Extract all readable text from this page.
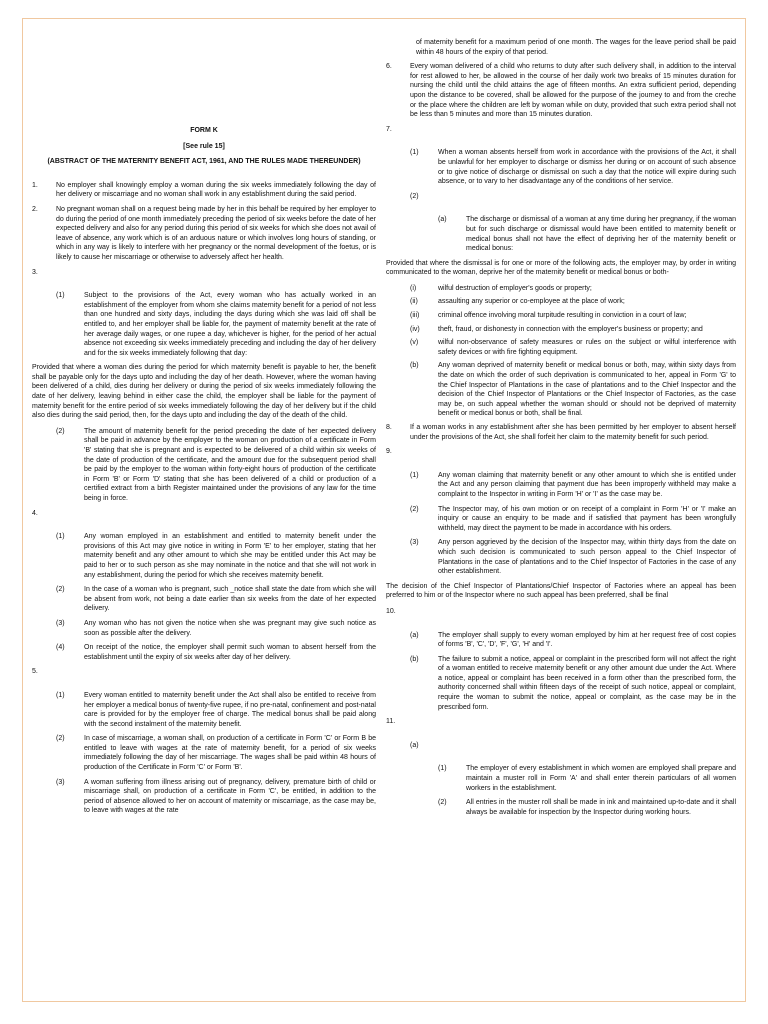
FORM K

[See rule 15]

(ABSTRACT OF THE MATERNITY BENEFIT ACT, 1961, AND THE RULES MADE THEREUNDER)

1.	No employer shall knowingly employ a woman during the six weeks immediately following the day of her delivery or miscarriage and no woman shall work in any establishment during the said period.
2.	No pregnant woman shall on a request being made by her in this behalf be required by her employer to do during the period of one month immediately preceding the period of six weeks before the date of her expected delivery and also for any period during this period of six weeks for which she does not avail of leave of absence, any work which is of an arduous nature or which involves long hours of standing, or which in any way is likely to interfere with her pregnancy or the normal development of the foetus, or is likely to cause her miscarriage or otherwise to adversely affect her health.

3.

(1)	Subject to the provisions of the Act, every woman who has actually worked in an establishment of the employer from whom she claims maternity benefit for a period of not less than one hundred and sixty days, including the days during which she was laid off shall be entitled to, and her employer shall be liable for, the payment of maternity benefit at the rate of her average daily wages, or one rupee a day, whichever is higher, for the period of her actual absence not exceeding six weeks immediately preceding and including the day of her delivery and for the six weeks immediately following that day:

Provided that where a woman dies during the period for which maternity benefit is payable to her, the benefit shall be payable only for the days upto and including the day of her death. However, where the woman having been delivered of a child, dies during her delivery or during the period of six weeks immediately following the date of her delivery, leaving behind in either case the child, the employer shall be liable for the payment of maternity benefit for the entire period of six weeks immediately following the day of her delivery but if the child also dies during the said period, then, for the days upto and including the day of the death of the child.

(2)	The amount of maternity benefit for the period preceding the date of her expected delivery shall be paid in advance by the employer to the woman on production of a certificate in Form 'B' stating that she is pregnant and is expected to be delivered of a child within six weeks of the date of production of the certificate, and the amount due for the subsequent period shall be paid by the employer to the woman within forty-eight hours of production of the certificate in Form 'B' or Form 'D' stating that she has been delivered of a child or production of a certified extract from a birth Register maintained under the provisions of any law for the time being in force.

4.

(1)	Any woman employed in an establishment and entitled to maternity benefit under the provisions of this Act may give notice in writing in Form 'E' to her employer, stating that her maternity benefit and any other amount to which she may be entitled under this Act may be paid to her or to such person as she may nominate in the notice and that she will not work in any establishment, during the period for which she receives maternity benefit.
(2)	In the case of a woman who is pregnant, such _notice shall state the date from which she will be absent from work, not being a date earlier than six weeks from the date of her expected delivery.
(3)	Any woman who has not given the notice when she was pregnant may give such notice as soon as possible after the delivery.
(4)	On receipt of the notice, the employer shall permit such woman to absent herself from the establishment until the expiry of six weeks after day of her delivery.

5.

(1)	Every woman entitled to maternity benefit under the Act shall also be entitled to receive from her employer a medical bonus of twenty-five rupee, if no pre-natal, confinement and post-natal care is provided for by the employer free of charge. The medical bonus shall be paid along with the second instalment of the maternity benefit.
(2)	In case of miscarriage, a woman shall, on production of a certificate in Form 'C' or Form B be entitled to leave with wages at the rate of maternity benefit, for a period of six weeks immediately following the day of her miscarriage. The wages shall be paid within 48 hours of production of the Certificate in Form 'C' or Form 'B'.
(3)	A woman suffering from illness arising out of pregnancy, delivery, premature birth of child or miscarriage shall, on production of a certificate in Form 'C', be entitled, in addition to the period of absence allowed to her on account of maternity or miscarriage, as the case may be, to leave with wages at the rate
of maternity benefit for a maximum period of one month. The wages for the leave period shall be paid within 48 hours of the expiry of that period.
6.	Every woman delivered of a child who returns to duty after such delivery shall, in addition to the interval for rest allowed to her, be allowed in the course of her daily work two breaks of 15 minutes duration for nursing the child until the child attains the age of fifteen months. An extra sufficient period, depending upon the distance to be covered, shall be allowed for the purpose of the journey to and from the creche or the place where the children are left by woman while on duty, provided that such extra period shall not be less than 5 minutes and more than 15 minutes duration.

7.

(1)	When a woman absents herself from work in accordance with the provisions of the Act, it shall be unlawful for her employer to discharge or dismiss her during or on account of such absence or to give notice of discharge or dismissal on such a day that the notice will expire during such absence, or to vary to her disadvantage any of the conditions of her service.

(2)

(a)	The discharge or dismissal of a woman at any time during her pregnancy, if the woman but for such discharge or dismissal would have been entitled to maternity benefit or medical bonus shall not have the effect of depriving her of the maternity benefit or medical bonus:

Provided that where the dismissal is for one or more of the following acts, the employer may, by order in writing communicated to the woman, deprive her of the maternity benefit or medical bonus or both-

(i)	wilful destruction of employer's goods or property;
(ii)	assaulting any superior or co-employee at the place of work;
(iii)	criminal offence involving moral turpitude resulting in conviction in a court of law;
(iv)	theft, fraud, or dishonesty in connection with the employer's business or property; and
(v)	wilful non-observance of safety measures or rules on the subject or wilful interference with safety devices or with fire fighting equipment.
(b)	Any woman deprived of maternity benefit or medical bonus or both, may, within sixty days from the date on which the order of such deprivation is communicated to her, appeal in Form 'G' to the Chief Inspector of Plantations in the case of plantations and to the Chief Inspector and the decision of the Chief Inspector of Plantations or the Chief Inspector of Factories, as the case may be, on such appeal whether the woman should or should not be deprived of maternity benefit or medical bonus or both, shall be final.
8.	If a woman works in any establishment after she has been permitted by her employer to absent herself under the provisions of the Act, she shall forfeit her claim to the maternity benefit for such period.

9.

(1)	Any woman claiming that maternity benefit or any other amount to which she is entitled under the Act and any person claiming that payment due has been improperly withheld may make a complaint to the Inspector in writing in Form 'H' or 'I' as the case may be.
(2)	The Inspector may, of his own motion or on receipt of a complaint in Form 'H' or 'I' make an inquiry or cause an enquiry to be made and if satisfied that payment has been wrongfully withheld, may direct the payment to be made in accordance with his orders.
(3)	Any person aggrieved by the decision of the Inspector may, within thirty days from the date on which such decision is communicated to such person appeal to the Chief Inspector of Plantations in the case of plantations and to the Chief Inspector of Factories in the case of any other establishment.

The decision of the Chief Inspector of Plantations/Chief Inspector of Factories where an appeal has been preferred to him or of the Inspector where no such appeal has been preferred, shall be final

10.

(a)	The employer shall supply to every woman employed by him at her request free of cost copies of forms 'B', 'C', 'D', 'F', 'G', 'H' and 'I'.
(b)	The failure to submit a notice, appeal or complaint in the prescribed form will not affect the right of a woman entitled to receive maternity benefit or any other amount due under the Act. Where a notice, appeal or complaint has been received in a form other than the prescribed form, the authority concerned shall within fifteen days of the receipt of such notice, appeal or complaint, require the woman to submit the notice, appeal or complaint, as the case may be in the prescribed form.

11.

(a)

(1)	The employer of every establishment in which women are employed shall prepare and maintain a muster roll in Form 'A' and shall enter therein particulars of all women workers in the establishment.
(2)	All entries in the muster roll shall be made in ink and maintained up-to-date and it shall always be available for inspection by the Inspector during working hours.
